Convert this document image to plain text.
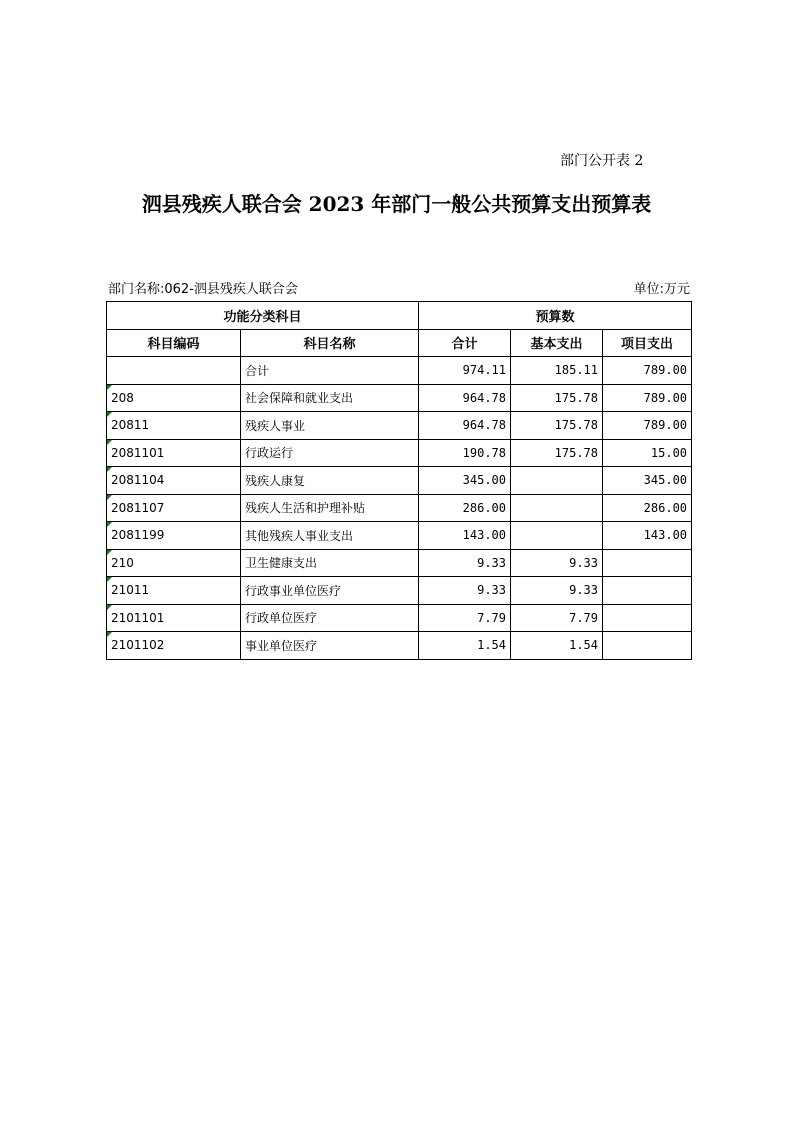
部门公开表 2
泗县残疾人联合会 2023 年部门一般公共预算支出预算表
部门名称:062-泗县残疾人联合会	单位:万元
功能分类科目		预算数		
科目编码	科目名称	合计	基本支出	项目支出
	合计	974.11	185.11	789.00
208	社会保障和就业支出	964.78	175.78	789.00
20811	残疾人事业	964.78	175.78	789.00
2081101	行政运行	190.78	175.78	15.00
2081104	残疾人康复	345.00		345.00
2081107	残疾人生活和护理补贴	286.00		286.00
2081199	其他残疾人事业支出	143.00		143.00
210	卫生健康支出	9.33	9.33	
21011	行政事业单位医疗	9.33	9.33	
2101101	行政单位医疗	7.79	7.79	
2101102	事业单位医疗	1.54	1.54	
